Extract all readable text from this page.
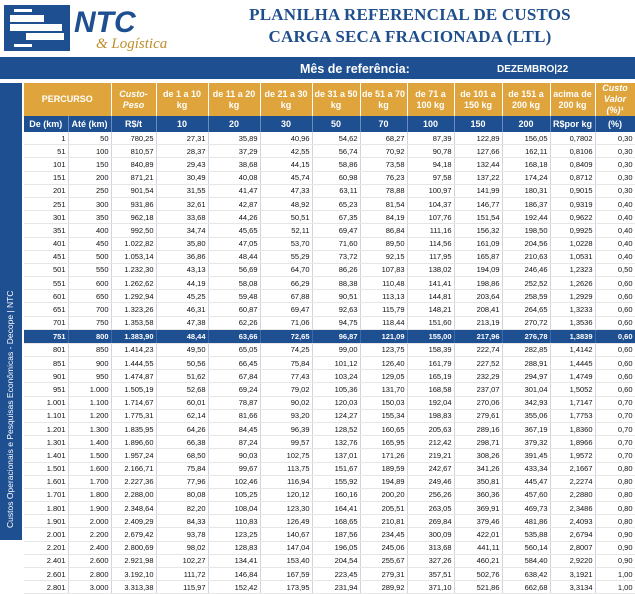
NTC
& Logística
PLANILHA REFERENCIAL DE CUSTOS
CARGA SECA FRACIONADA (LTL)
Mês de referência:	DEZEMBRO|22
Custos Operacionais e Pesquisas Econômicas - Decope | NTC
PERCURSO		Custo- Peso	de 1 a 10 kg	de 11 a 20 kg	de 21 a 30 kg	de 31 a 50 kg	de 51 a 70 kg	de 71 a 100 kg	de 101 a 150 kg	de 151 a 200 kg	acima de 200 kg	Custo Valor (%)¹
De (km)	Até (km)	R$/t	10	20	30	50	70	100	150	200	R$por kg	(%)
1	50	780,25	27,31	35,89	40,96	54,62	68,27	87,39	122,89	156,05	0,7802	0,30
51	100	810,57	28,37	37,29	42,55	56,74	70,92	90,78	127,66	162,11	0,8106	0,30
101	150	840,89	29,43	38,68	44,15	58,86	73,58	94,18	132,44	168,18	0,8409	0,30
151	200	871,21	30,49	40,08	45,74	60,98	76,23	97,58	137,22	174,24	0,8712	0,30
201	250	901,54	31,55	41,47	47,33	63,11	78,88	100,97	141,99	180,31	0,9015	0,30
251	300	931,86	32,61	42,87	48,92	65,23	81,54	104,37	146,77	186,37	0,9319	0,40
301	350	962,18	33,68	44,26	50,51	67,35	84,19	107,76	151,54	192,44	0,9622	0,40
351	400	992,50	34,74	45,65	52,11	69,47	86,84	111,16	156,32	198,50	0,9925	0,40
401	450	1.022,82	35,80	47,05	53,70	71,60	89,50	114,56	161,09	204,56	1,0228	0,40
451	500	1.053,14	36,86	48,44	55,29	73,72	92,15	117,95	165,87	210,63	1,0531	0,40
501	550	1.232,30	43,13	56,69	64,70	86,26	107,83	138,02	194,09	246,46	1,2323	0,50
551	600	1.262,62	44,19	58,08	66,29	88,38	110,48	141,41	198,86	252,52	1,2626	0,60
601	650	1.292,94	45,25	59,48	67,88	90,51	113,13	144,81	203,64	258,59	1,2929	0,60
651	700	1.323,26	46,31	60,87	69,47	92,63	115,79	148,21	208,41	264,65	1,3233	0,60
701	750	1.353,58	47,38	62,26	71,06	94,75	118,44	151,60	213,19	270,72	1,3536	0,60
751	800	1.383,90	48,44	63,66	72,65	96,87	121,09	155,00	217,96	276,78	1,3839	0,60
801	850	1.414,23	49,50	65,05	74,25	99,00	123,75	158,39	222,74	282,85	1,4142	0,60
851	900	1.444,55	50,56	66,45	75,84	101,12	126,40	161,79	227,52	288,91	1,4445	0,60
901	950	1.474,87	51,62	67,84	77,43	103,24	129,05	165,19	232,29	294,97	1,4749	0,60
951	1.000	1.505,19	52,68	69,24	79,02	105,36	131,70	168,58	237,07	301,04	1,5052	0,60
1.001	1.100	1.714,67	60,01	78,87	90,02	120,03	150,03	192,04	270,06	342,93	1,7147	0,70
1.101	1.200	1.775,31	62,14	81,66	93,20	124,27	155,34	198,83	279,61	355,06	1,7753	0,70
1.201	1.300	1.835,95	64,26	84,45	96,39	128,52	160,65	205,63	289,16	367,19	1,8360	0,70
1.301	1.400	1.896,60	66,38	87,24	99,57	132,76	165,95	212,42	298,71	379,32	1,8966	0,70
1.401	1.500	1.957,24	68,50	90,03	102,75	137,01	171,26	219,21	308,26	391,45	1,9572	0,70
1.501	1.600	2.166,71	75,84	99,67	113,75	151,67	189,59	242,67	341,26	433,34	2,1667	0,80
1.601	1.700	2.227,36	77,96	102,46	116,94	155,92	194,89	249,46	350,81	445,47	2,2274	0,80
1.701	1.800	2.288,00	80,08	105,25	120,12	160,16	200,20	256,26	360,36	457,60	2,2880	0,80
1.801	1.900	2.348,64	82,20	108,04	123,30	164,41	205,51	263,05	369,91	469,73	2,3486	0,80
1.901	2.000	2.409,29	84,33	110,83	126,49	168,65	210,81	269,84	379,46	481,86	2,4093	0,80
2.001	2.200	2.679,42	93,78	123,25	140,67	187,56	234,45	300,09	422,01	535,88	2,6794	0,90
2.201	2.400	2.800,69	98,02	128,83	147,04	196,05	245,06	313,68	441,11	560,14	2,8007	0,90
2.401	2.600	2.921,98	102,27	134,41	153,40	204,54	255,67	327,26	460,21	584,40	2,9220	0,90
2.601	2.800	3.192,10	111,72	146,84	167,59	223,45	279,31	357,51	502,76	638,42	3,1921	1,00
2.801	3.000	3.313,38	115,97	152,42	173,95	231,94	289,92	371,10	521,86	662,68	3,3134	1,00
